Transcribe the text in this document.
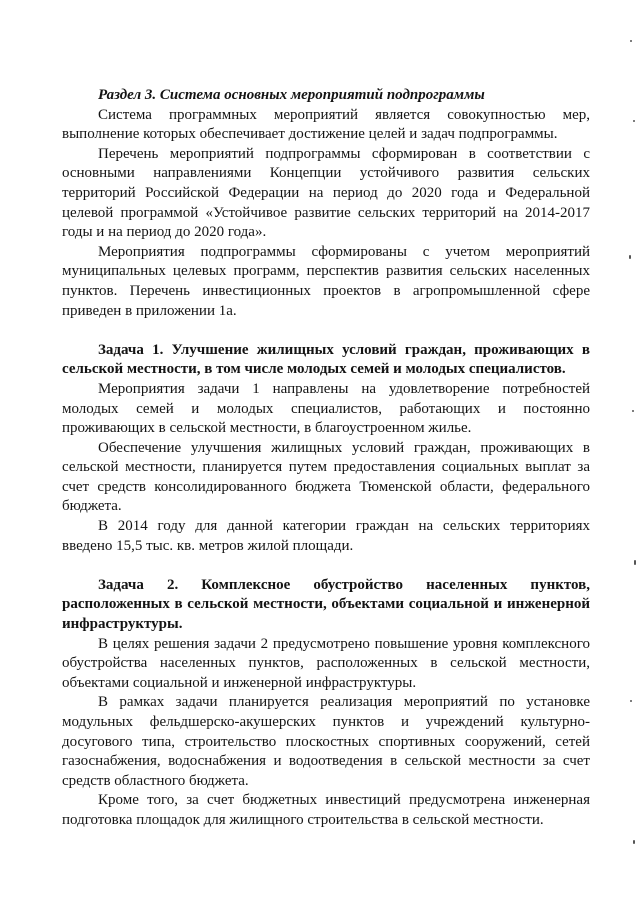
Раздел 3. Система основных мероприятий подпрограммы

Система программных мероприятий является совокупностью мер, выполнение которых обеспечивает достижение целей и задач подпрограммы.

Перечень мероприятий подпрограммы сформирован в соответствии с основными направлениями Концепции устойчивого развития сельских территорий Российской Федерации на период до 2020 года и Федеральной целевой программой «Устойчивое развитие сельских территорий на 2014-2017 годы и на период до 2020 года».

Мероприятия подпрограммы сформированы с учетом мероприятий муниципальных целевых программ, перспектив развития сельских населенных пунктов. Перечень инвестиционных проектов в агропромышленной сфере приведен в приложении 1а.

Задача 1. Улучшение жилищных условий граждан, проживающих в сельской местности, в том числе молодых семей и молодых специалистов.

Мероприятия задачи 1 направлены на удовлетворение потребностей молодых семей и молодых специалистов, работающих и постоянно проживающих в сельской местности, в благоустроенном жилье.

Обеспечение улучшения жилищных условий граждан, проживающих в сельской местности, планируется путем предоставления социальных выплат за счет средств консолидированного бюджета Тюменской области, федерального бюджета.

В 2014 году для данной категории граждан на сельских территориях введено 15,5 тыс. кв. метров жилой площади.

Задача 2. Комплексное обустройство населенных пунктов, расположенных в сельской местности, объектами социальной и инженерной инфраструктуры.

В целях решения задачи 2 предусмотрено повышение уровня комплексного обустройства населенных пунктов, расположенных в сельской местности, объектами социальной и инженерной инфраструктуры.

В рамках задачи планируется реализация мероприятий по установке модульных фельдшерско-акушерских пунктов и учреждений культурно-досугового типа, строительство плоскостных спортивных сооружений, сетей газоснабжения, водоснабжения и водоотведения в сельской местности за счет средств областного бюджета.

Кроме того, за счет бюджетных инвестиций предусмотрена инженерная подготовка площадок для жилищного строительства в сельской местности.
